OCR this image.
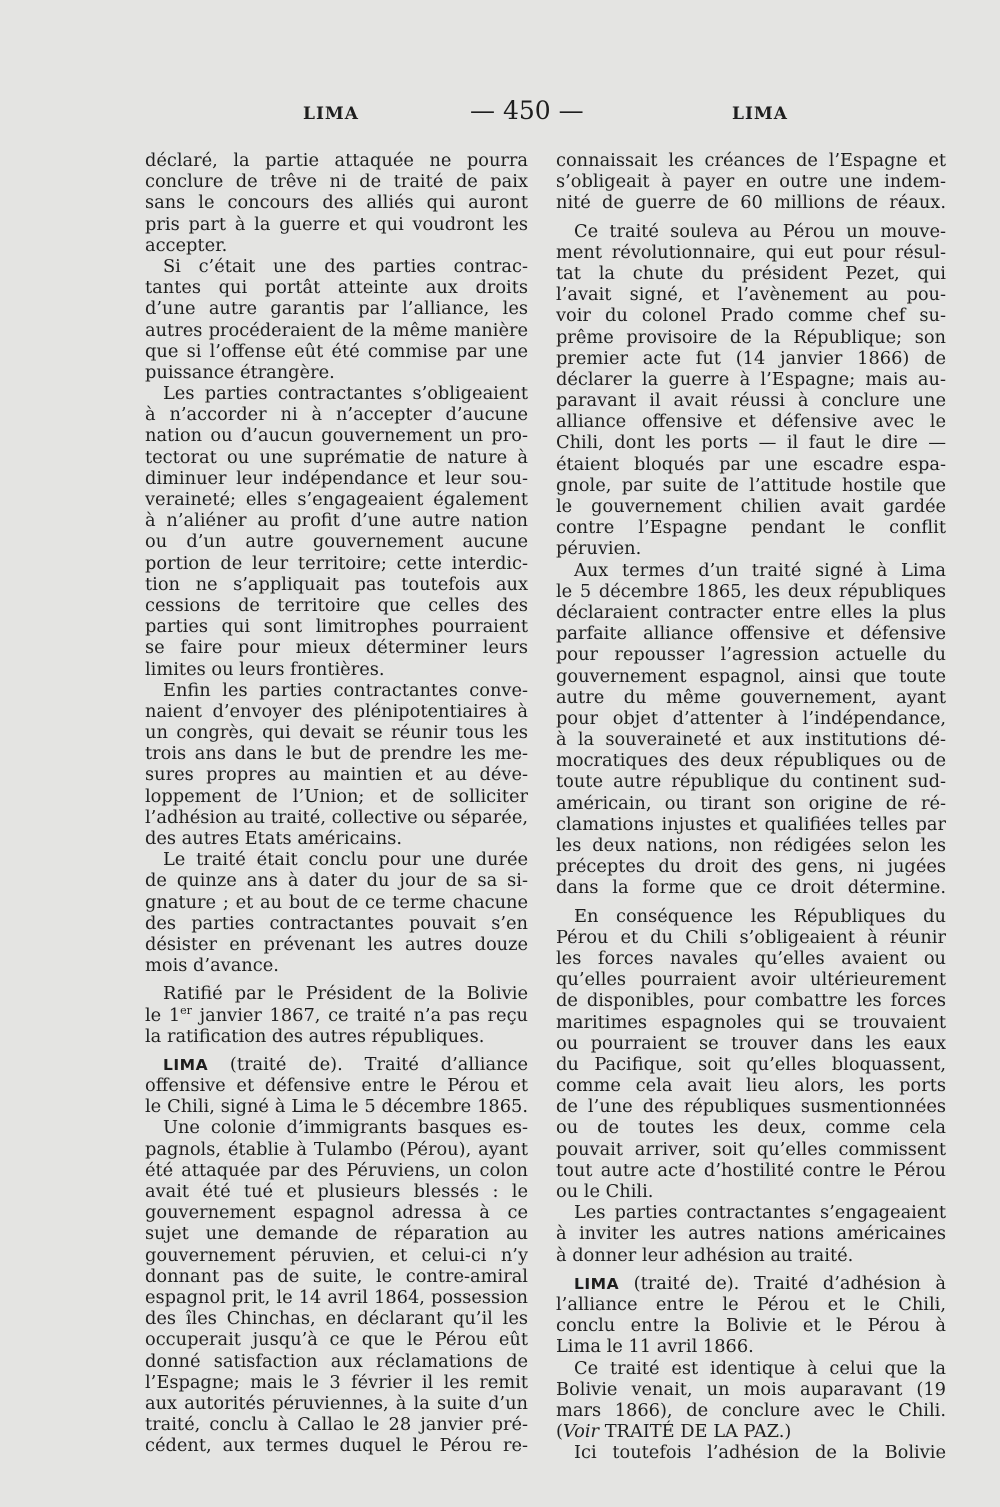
LIMA	— 450 —	LIMA
déclaré, la partie attaquée ne pourra
conclure de trêve ni de traité de paix
sans le concours des alliés qui auront
pris part à la guerre et qui voudront les
accepter.
Si c’était une des parties contrac-
tantes qui portât atteinte aux droits
d’une autre garantis par l’alliance, les
autres procéderaient de la même manière
que si l’offense eût été commise par une
puissance étrangère.
Les parties contractantes s’obligeaient
à n’accorder ni à n’accepter d’aucune
nation ou d’aucun gouvernement un pro-
tectorat ou une suprématie de nature à
diminuer leur indépendance et leur sou-
veraineté; elles s’engageaient également
à n’aliéner au profit d’une autre nation
ou d’un autre gouvernement aucune
portion de leur territoire; cette interdic-
tion ne s’appliquait pas toutefois aux
cessions de territoire que celles des
parties qui sont limitrophes pourraient
se faire pour mieux déterminer leurs
limites ou leurs frontières.
Enfin les parties contractantes conve-
naient d’envoyer des plénipotentiaires à
un congrès, qui devait se réunir tous les
trois ans dans le but de prendre les me-
sures propres au maintien et au déve-
loppement de l’Union; et de solliciter
l’adhésion au traité, collective ou séparée,
des autres Etats américains.
Le traité était conclu pour une durée
de quinze ans à dater du jour de sa si-
gnature ; et au bout de ce terme chacune
des parties contractantes pouvait s’en
désister en prévenant les autres douze
mois d’avance.
Ratifié par le Président de la Bolivie
le 1er janvier 1867, ce traité n’a pas reçu
la ratification des autres républiques.
LIMA (traité de). Traité d’alliance
offensive et défensive entre le Pérou et
le Chili, signé à Lima le 5 décembre 1865.
Une colonie d’immigrants basques es-
pagnols, établie à Tulambo (Pérou), ayant
été attaquée par des Péruviens, un colon
avait été tué et plusieurs blessés : le
gouvernement espagnol adressa à ce
sujet une demande de réparation au
gouvernement péruvien, et celui-ci n’y
donnant pas de suite, le contre-amiral
espagnol prit, le 14 avril 1864, possession
des îles Chinchas, en déclarant qu’il les
occuperait jusqu’à ce que le Pérou eût
donné satisfaction aux réclamations de
l’Espagne; mais le 3 février il les remit
aux autorités péruviennes, à la suite d’un
traité, conclu à Callao le 28 janvier pré-
cédent, aux termes duquel le Pérou re-
connaissait les créances de l’Espagne et
s’obligeait à payer en outre une indem-
nité de guerre de 60 millions de réaux.
Ce traité souleva au Pérou un mouve-
ment révolutionnaire, qui eut pour résul-
tat la chute du président Pezet, qui
l’avait signé, et l’avènement au pou-
voir du colonel Prado comme chef su-
prême provisoire de la République; son
premier acte fut (14 janvier 1866) de
déclarer la guerre à l’Espagne; mais au-
paravant il avait réussi à conclure une
alliance offensive et défensive avec le
Chili, dont les ports — il faut le dire —
étaient bloqués par une escadre espa-
gnole, par suite de l’attitude hostile que
le gouvernement chilien avait gardée
contre l’Espagne pendant le conflit
péruvien.
Aux termes d’un traité signé à Lima
le 5 décembre 1865, les deux républiques
déclaraient contracter entre elles la plus
parfaite alliance offensive et défensive
pour repousser l’agression actuelle du
gouvernement espagnol, ainsi que toute
autre du même gouvernement, ayant
pour objet d’attenter à l’indépendance,
à la souveraineté et aux institutions dé-
mocratiques des deux républiques ou de
toute autre république du continent sud-
américain, ou tirant son origine de ré-
clamations injustes et qualifiées telles par
les deux nations, non rédigées selon les
préceptes du droit des gens, ni jugées
dans la forme que ce droit détermine.
En conséquence les Républiques du
Pérou et du Chili s’obligeaient à réunir
les forces navales qu’elles avaient ou
qu’elles pourraient avoir ultérieurement
de disponibles, pour combattre les forces
maritimes espagnoles qui se trouvaient
ou pourraient se trouver dans les eaux
du Pacifique, soit qu’elles bloquassent,
comme cela avait lieu alors, les ports
de l’une des républiques susmentionnées
ou de toutes les deux, comme cela
pouvait arriver, soit qu’elles commissent
tout autre acte d’hostilité contre le Pérou
ou le Chili.
Les parties contractantes s’engageaient
à inviter les autres nations américaines
à donner leur adhésion au traité.
LIMA (traité de). Traité d’adhésion à
l’alliance entre le Pérou et le Chili,
conclu entre la Bolivie et le Pérou à
Lima le 11 avril 1866.
Ce traité est identique à celui que la
Bolivie venait, un mois auparavant (19
mars 1866), de conclure avec le Chili.
(Voir TRAITÉ DE LA PAZ.)
Ici toutefois l’adhésion de la Bolivie
